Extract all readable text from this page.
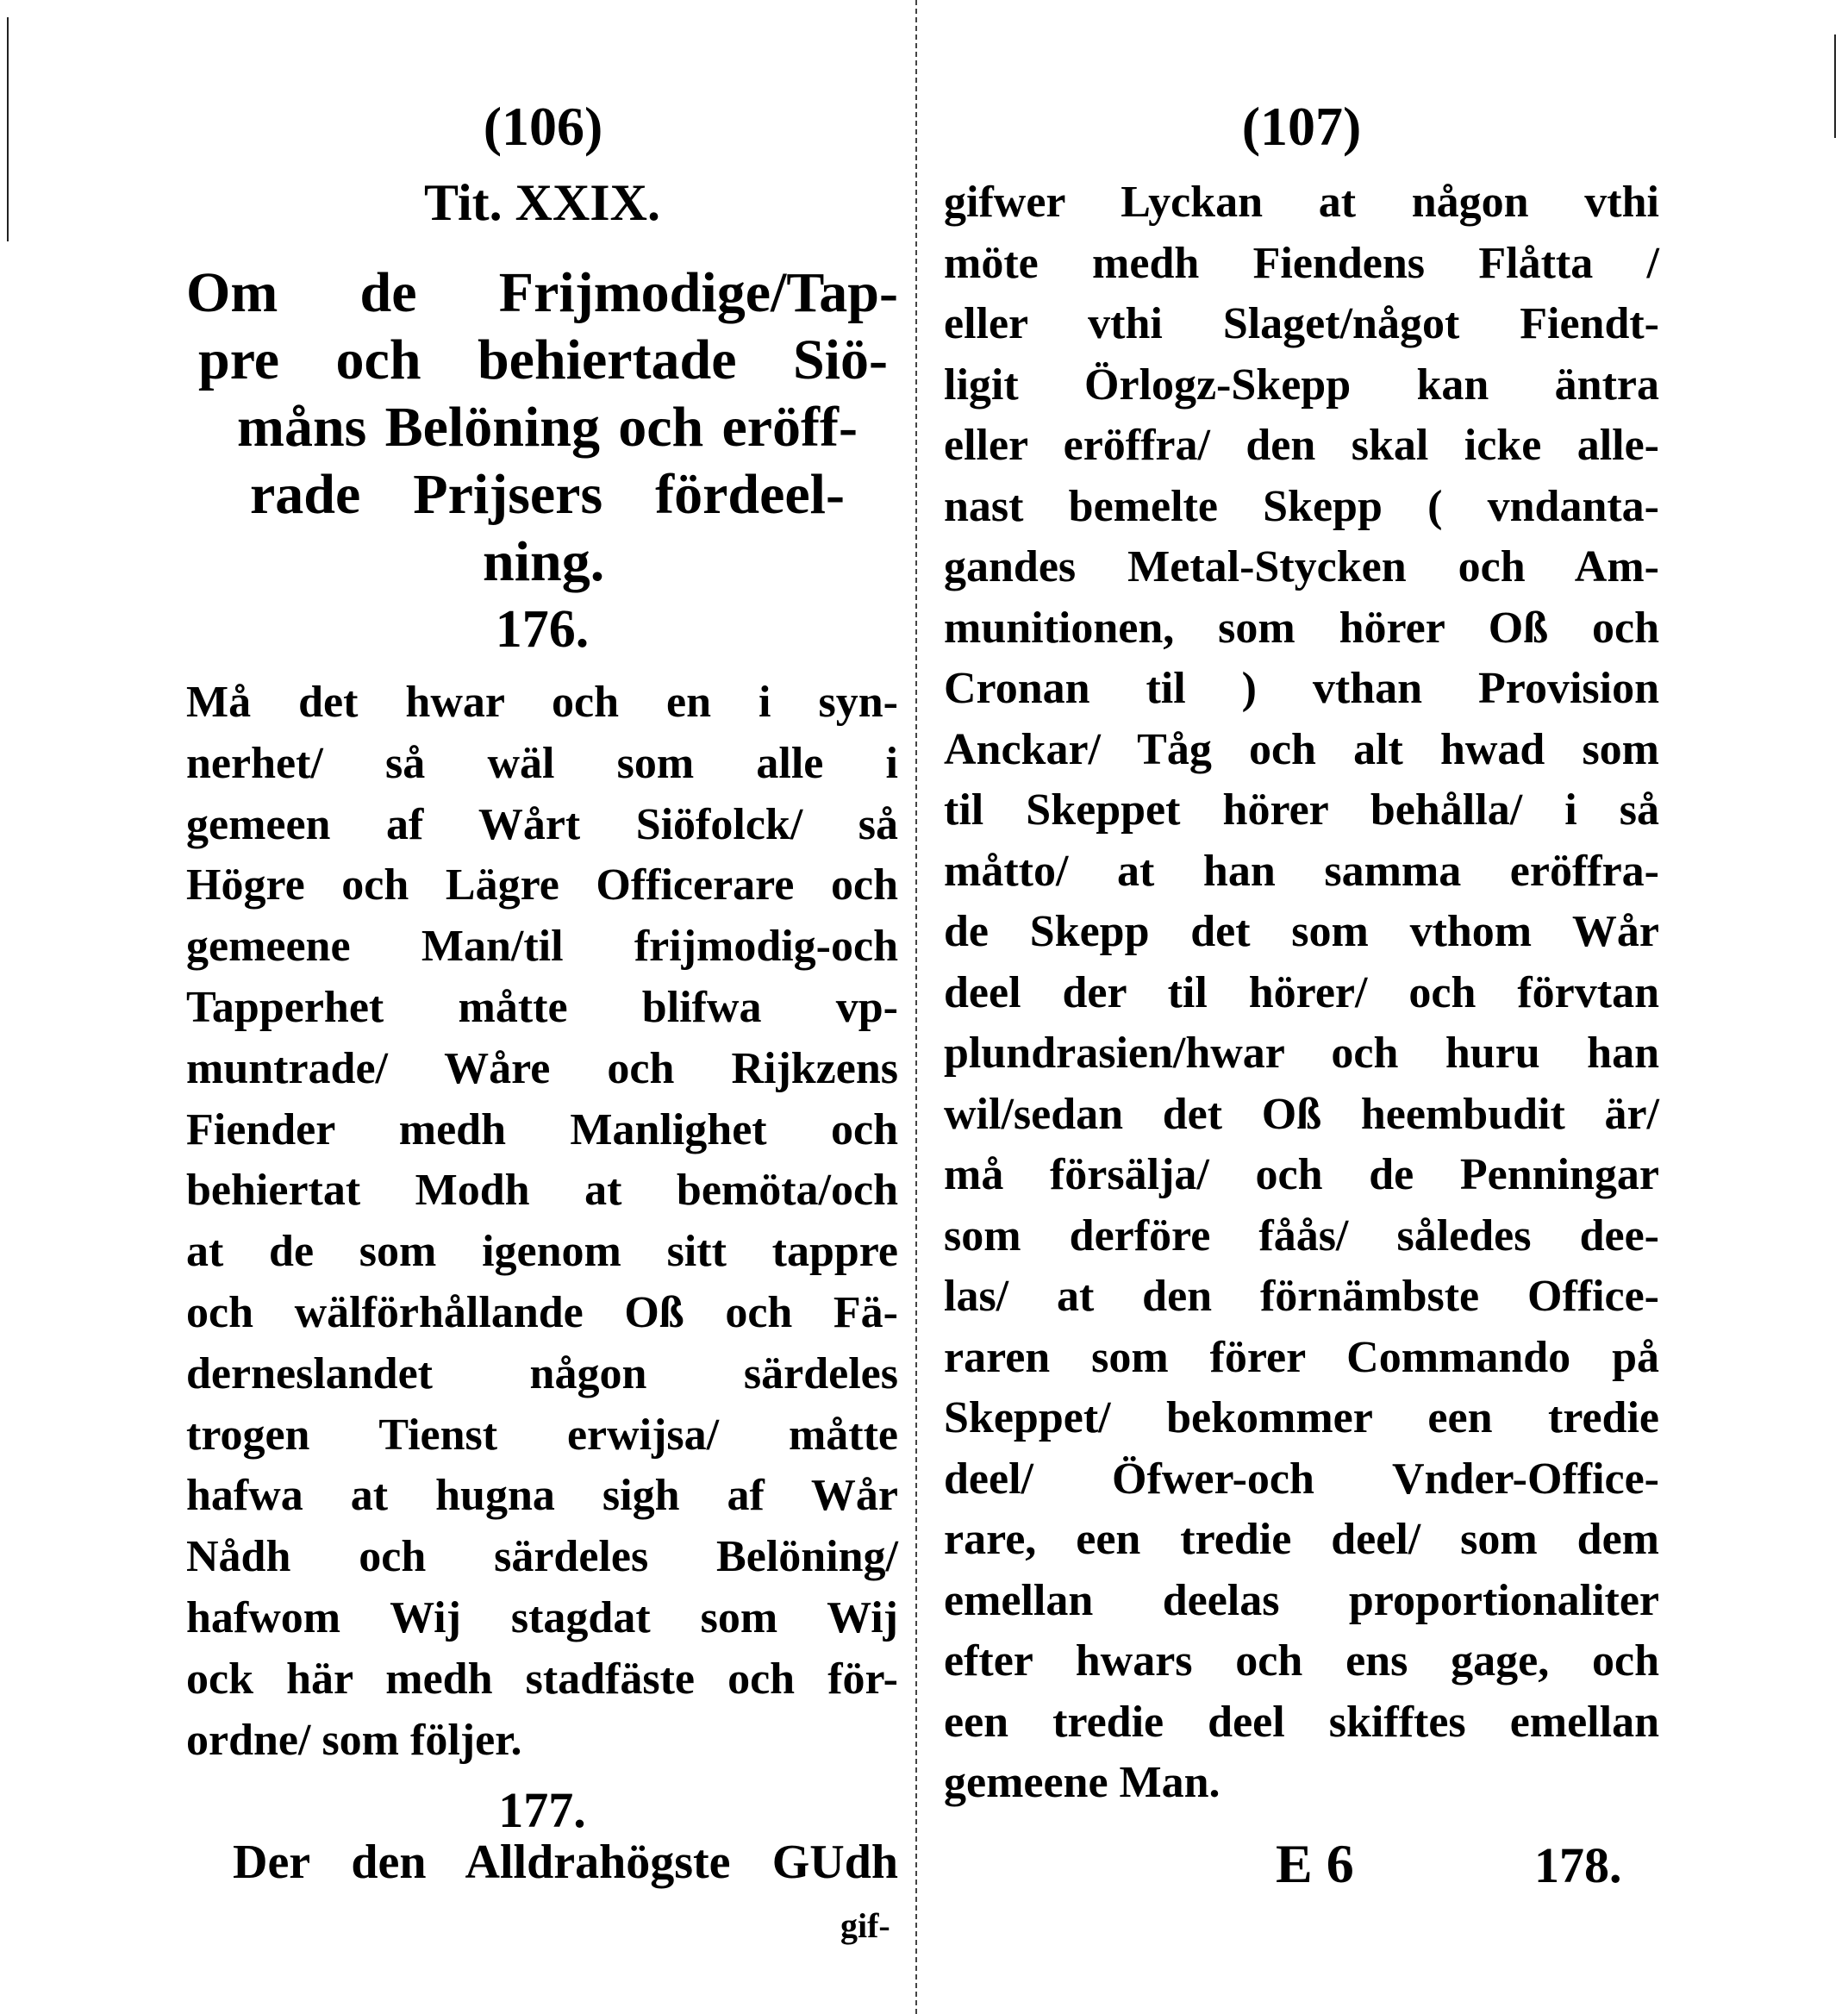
(106)
Tit. XXIX.
Om de Frijmodige/Tap-
pre och behiertade Siö-
måns Belöning och eröff-
rade Prijsers fördeel-
ning.
176.
Må det hwar och en i syn-
nerhet/ så wäl som alle i
gemeen af Wårt Siöfolck/ så
Högre och Lägre Officerare och
gemeene Man/til frijmodig-och
Tapperhet måtte blifwa vp-
muntrade/ Wåre och Rijkzens
Fiender medh Manlighet och
behiertat Modh at bemöta/och
at de som igenom sitt tappre
och wälförhållande Oß och Fä-
derneslandet någon särdeles
trogen Tienst erwijsa/ måtte
hafwa at hugna sigh af Wår
Nådh och särdeles Belöning/
hafwom Wij stagdat som Wij
ock här medh stadfäste och för-
ordne/ som följer.
177.
Der den Alldrahögste GUdh
gif-
(107)
gifwer Lyckan at någon vthi
möte medh Fiendens Flåtta /
eller vthi Slaget/något Fiendt-
ligit Örlogz-Skepp kan äntra
eller eröffra/ den skal icke alle-
nast bemelte Skepp ( vndanta-
gandes Metal-Stycken och Am-
munitionen, som hörer Oß och
Cronan til ) vthan Provision
Anckar/ Tåg och alt hwad som
til Skeppet hörer behålla/ i så
måtto/ at han samma eröffra-
de Skepp det som vthom Wår
deel der til hörer/ och förvtan
plundrasien/hwar och huru han
wil/sedan det Oß heembudit är/
må försälja/ och de Penningar
som derföre fåås/ således dee-
las/ at den förnämbste Office-
raren som förer Commando på
Skeppet/ bekommer een tredie
deel/ Öfwer-och Vnder-Office-
rare, een tredie deel/ som dem
emellan deelas proportionaliter
efter hwars och ens gage, och
een tredie deel skifftes emellan
gemeene Man.
E 6	178.
